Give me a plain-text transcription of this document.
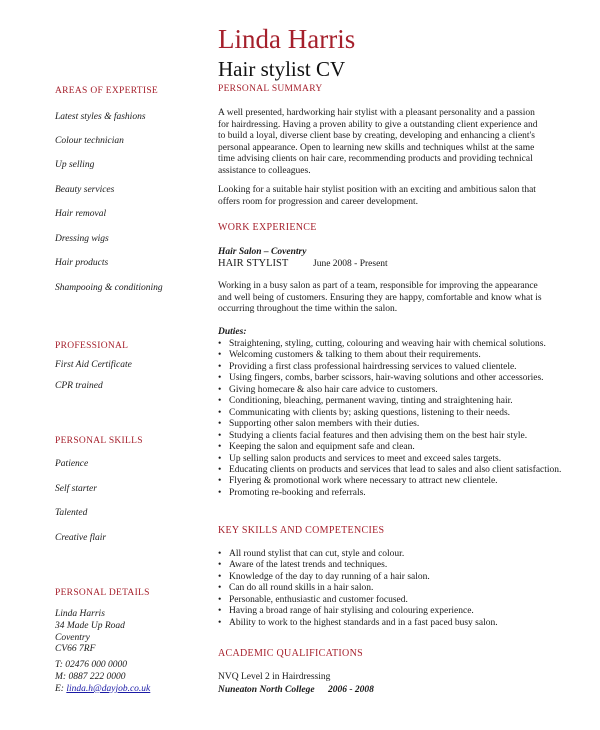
Linda Harris
Hair stylist CV
AREAS OF EXPERTISE
Latest styles & fashions
Colour technician
Up selling
Beauty services
Hair removal
Dressing wigs
Hair products
Shampooing & conditioning
PROFESSIONAL
First Aid Certificate
CPR trained
PERSONAL SKILLS
Patience
Self starter
Talented
Creative flair
PERSONAL DETAILS
Linda Harris
34 Made Up Road
Coventry
CV66 7RF
T: 02476 000 0000
M: 0887 222 0000
E: linda.h@dayjob.co.uk
PERSONAL SUMMARY
A well presented, hardworking hair stylist with a pleasant personality and a passion
for hairdressing. Having a proven ability to give a outstanding client experience and
to build a loyal, diverse client base by creating, developing and enhancing a client's
personal appearance. Open to learning new skills and techniques whilst at the same
time advising clients on hair care, recommending products and providing technical
assistance to colleagues.
Looking for a suitable hair stylist position with an exciting and ambitious salon that
offers room for progression and career development.
WORK EXPERIENCE
Hair Salon – Coventry
HAIR STYLIST	June 2008 - Present
Working in a busy salon as part of a team, responsible for improving the appearance
and well being of customers. Ensuring they are happy, comfortable and know what is
occurring throughout the time within the salon.
Duties:
• Straightening, styling, cutting, colouring and weaving hair with chemical solutions.
• Welcoming customers & talking to them about their requirements.
• Providing a first class professional hairdressing services to valued clientele.
• Using fingers, combs, barber scissors, hair-waving solutions and other accessories.
• Giving homecare & also hair care advice to customers.
• Conditioning, bleaching, permanent waving, tinting and straightening hair.
• Communicating with clients by; asking questions, listening to their needs.
• Supporting other salon members with their duties.
• Studying a clients facial features and then advising them on the best hair style.
• Keeping the salon and equipment safe and clean.
• Up selling salon products and services to meet and exceed sales targets.
• Educating clients on products and services that lead to sales and also client satisfaction.
• Flyering & promotional work where necessary to attract new clientele.
• Promoting re-booking and referrals.
KEY SKILLS AND COMPETENCIES
• All round stylist that can cut, style and colour.
• Aware of the latest trends and techniques.
• Knowledge of the day to day running of a hair salon.
• Can do all round skills in a hair salon.
• Personable, enthusiastic and customer focused.
• Having a broad range of hair stylising and colouring experience.
• Ability to work to the highest standards and in a fast paced busy salon.
ACADEMIC QUALIFICATIONS
NVQ Level 2 in Hairdressing
Nuneaton North College 2006 - 2008
